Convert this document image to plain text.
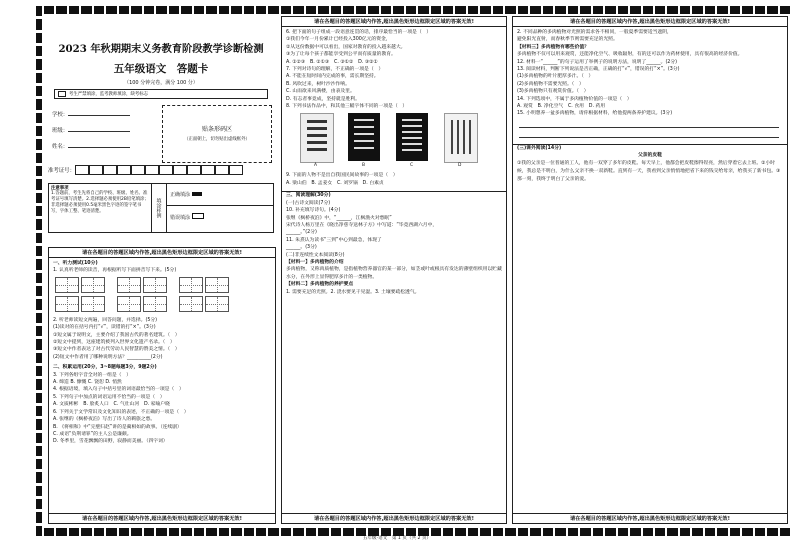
2023 年秋期期末义务教育阶段教学诊断检测
五年级语文　答题卡
（100 分钟完卷，满分 100 分）
考生严禁填涂，监考教师填涂，缺考标志
学校：
班级：
姓名：
贴条形码区
（正面朝上，切勿贴出虚线框外）
准考证号：
注意事项
1.答题前，考生先将自己的学校、班级、姓名、准考证号填写清楚。2.选择题必须使用2B铅笔填涂；非选择题必须使用0.5毫米黑色字迹的签字笔书写，字体工整、笔迹清楚。	填涂样例
正确填涂
错误填涂
请在各题目的答题区域内作答,超出黑色矩形边框限定区域的答案无效!
一、听力测试(10分)
1. 认真听老师的读音，再根据听写下面拼音写下来。(5分)
2. 听老师读短文两遍，回答问题，并选择。(5分)
(1)读对的在括号内打“√”，读错的打“×”。(3分)
①短文属于说明文，主要介绍了我国古代的著名建筑。（　）
②短文中提到，这座建筑被列入世界文化遗产名录。（　）
③短文中作者表达了对古代劳动人民智慧的赞美之情。（　）
(2)短文中作者用了哪种说明方法？__________(2分)
二、积累运用(20分，3~8题每题3分，9题2分)
3. 下列各组字音全对的一组是（　）
A. 缔造 B. 慷慨 C. 饶恕 D. 悄然
4. 根据语境，填入句子中括号里的词语最恰当的一项是（　）
5. 下列句子中加点的词语运用不恰当的一项是（　）
A. 文质彬彬　B. 脍炙人口　C. 气壮山河　D. 家喻户晓
6. 下列关于文学常识及文化知识的表述，不正确的一项是（　）
A. 张继的《枫桥夜泊》写出了诗人的羁旅之愁。
B. 《将相和》中“完璧归赵”讲的是蔺相如的故事。（连续剧）
C. 成语“负荆请罪”的主人公是廉颇。
D. 冬季里，雪花飘飘的田野，寂静而美丽。（四字词）
请在各题目的答题区域内作答,超出黑色矩形边框限定区域的答案无效!
请在各题目的答题区域内作答,超出黑色矩形边框限定区域的答案无效!
6. 把下面的句子组成一段语意连贯的话，排序最恰当的一项是（　）
①我们今年一月份累计已经投入300亿元的资金，
②从这份数据中可以看出，国家对教育的投入越来越大。
③为了让每个孩子都能享受到公平而有质量的教育。
A. ①②③　B. ②①③　C. ③①②　D. ③②①
7. 下列对诗句的理解，不正确的一项是（　）
A. 不能在短时间内完成的事，需长期坚持。
B. 风吹过来，树叶沙沙作响。
C. 山雨欲来风满楼，由表及里。
D. 有志者事竟成，坚持就是胜利。
8. 下列书法作品中，和其他三幅字体不同的一项是（　）
A	B	C	D
9. 下面的人物不是出自我国民间故事的一项是（　）
A. 梁山伯　B. 孟姜女　C. 刘罗锅　D. 白素贞
三、阅读理解(30分)
(一)古诗文阅读(7分)
10. 补充填写诗句。(4分)
张继《枫桥夜泊》中，“______，江枫渔火对愁眠”
宋代诗人杨万里在《晓出净慈寺送林子方》中写道：“毕竟西湖六月中，
______。”(2分)
11. 朱熹认为读书“三到”中心到最急，体现了
______。(3分)
(二)非连续性文本阅读(8分)
【材料一】多肉植物的介绍
多肉植物，又称肉质植物，是指植物营养器官的某一部分，如茎或叶或根具有发达的薄壁组织用以贮藏水分，在外形上显得肥厚多汁的一类植物。
【材料二】多肉植物的养护要点
1. 需要充足的光照。2. 浇水要见干见湿。3. 土壤要疏松透气。
请在各题目的答题区域内作答,超出黑色矩形边框限定区域的答案无效!
请在各题目的答题区域内作答,超出黑色矩形边框限定区域的答案无效!
2. 不同品种的多肉植物对光照的需求各不相同，一般夏季需要适当遮阴，
避免阳光直射，而春秋季节则需要充足的光照。
【材料三】多肉植物有哪些价值？
多肉植物不仅可以用来观赏，还能净化空气、吸收辐射，有的还可以作为药材使用，具有很高的经济价值。
12. 材料一“______”的句子运用了举例子的说明方法，说明了______。(2分)
13. 阅读材料，判断下列说法是否正确，正确的打“√”，错误的打“×”。(3分)
(1)多肉植物的叶片肥厚多汁。（　）
(2)多肉植物不需要光照。（　）
(3)多肉植物只有观赏价值。（　）
14. 下列选项中，不属于多肉植物价值的一项是（　）
A. 观赏　B. 净化空气　C. 食用　D. 药用
15. 小明想养一盆多肉植物，请你根据材料，给他提两条养护建议。(3分)
(三)课外阅读(14分)
父亲的皮鞋
①我的父亲是一位普通的工人，他有一双穿了多年的皮鞋。每天早上，他都会把皮鞋擦得锃亮，然后穿着它去上班。②小时候，我总是不明白，为什么父亲不换一双新鞋。直到有一天，我看到父亲悄悄地把省下来的钱交给母亲，给我买了新书包。③那一刻，我终于明白了父亲的爱。
请在各题目的答题区域内作答,超出黑色矩形边框限定区域的答案无效!
五年级·语文　第 1 页（共 2 页）
